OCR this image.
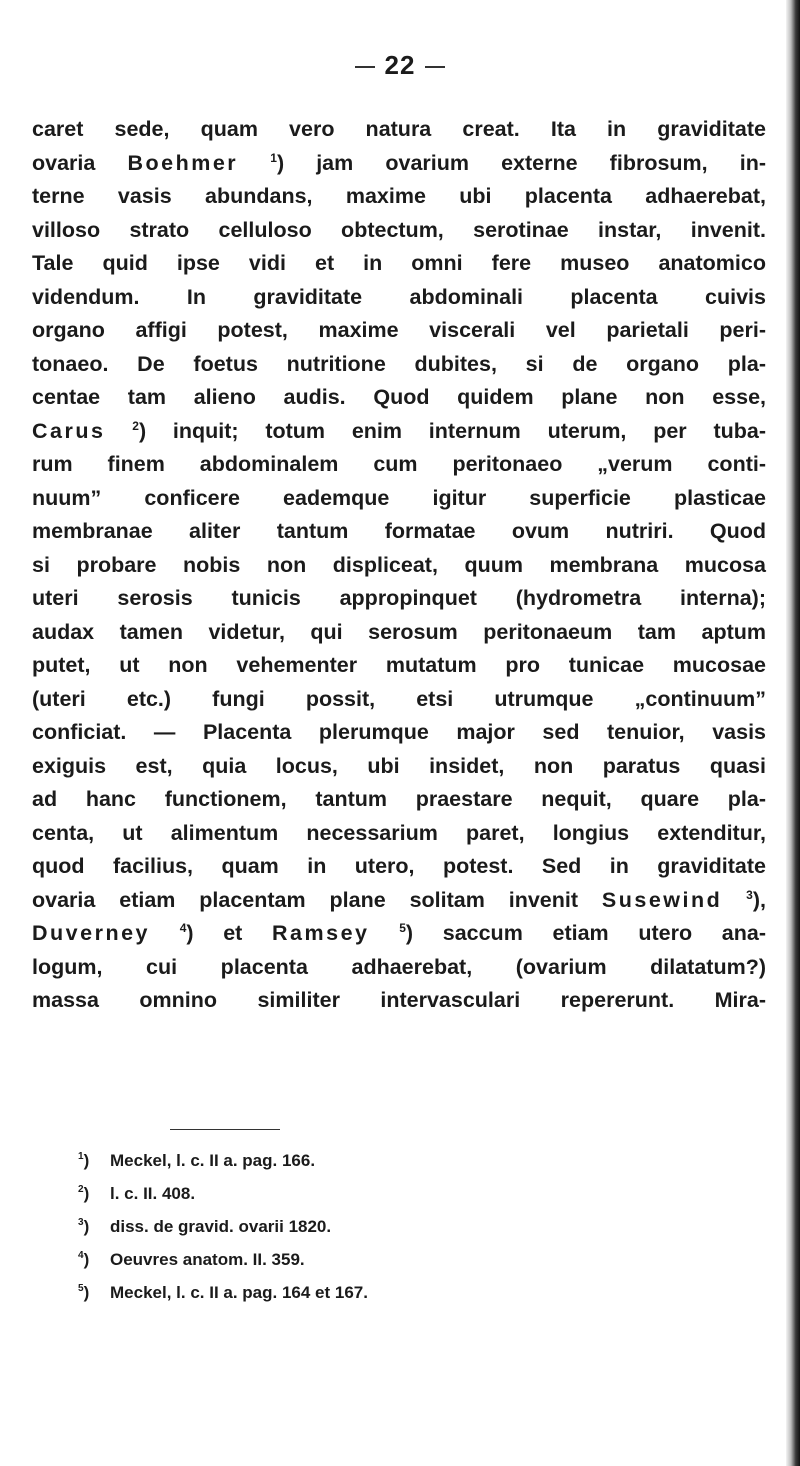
22
caret sede, quam vero natura creat. Ita in graviditate
ovaria Boehmer	$^1$) jam ovarium externe fibrosum, in-
terne vasis abundans, maxime ubi placenta adhaerebat,
villoso strato celluloso obtectum, serotinae instar, invenit.
Tale quid ipse vidi et in omni fere museo anatomico
videndum. In graviditate abdominali placenta cuivis
organo affigi potest, maxime viscerali vel parietali peri-
tonaeo. De foetus nutritione dubites, si de organo pla-
centae tam alieno audis. Quod quidem plane non esse,
Carus $^2$) inquit; totum enim internum uterum, per tuba-
rum finem abdominalem cum peritonaeo „verum conti-
nuum” conficere eademque igitur superficie plasticae
membranae aliter tantum formatae ovum nutriri. Quod
si probare nobis non displiceat, quum membrana mucosa
uteri serosis tunicis appropinquet (hydrometra interna);
audax tamen videtur, qui serosum peritonaeum tam aptum
putet, ut non vehementer mutatum pro tunicae mucosae
(uteri etc.) fungi possit, etsi utrumque „continuum”
conficiat. — Placenta plerumque major sed tenuior, vasis
exiguis est, quia locus, ubi insidet, non paratus quasi
ad hanc functionem, tantum praestare nequit, quare pla-
centa, ut alimentum necessarium paret, longius extenditur,
quod facilius, quam in utero, potest. Sed in graviditate
ovaria etiam placentam plane solitam invenit Susewind $^3$),
Duverney $^4$) et Ramsey $^5$) saccum etiam utero ana-
logum, cui placenta adhaerebat, (ovarium dilatatum?)
massa omnino similiter intervasculari repererunt. Mira-
$^1$) Meckel, l. c. II a. pag. 166.
$^2$) l. c. II. 408.
$^3$) diss. de gravid. ovarii 1820.
$^4$) Oeuvres anatom. II. 359.
$^5$) Meckel, l. c. II a. pag. 164 et 167.
